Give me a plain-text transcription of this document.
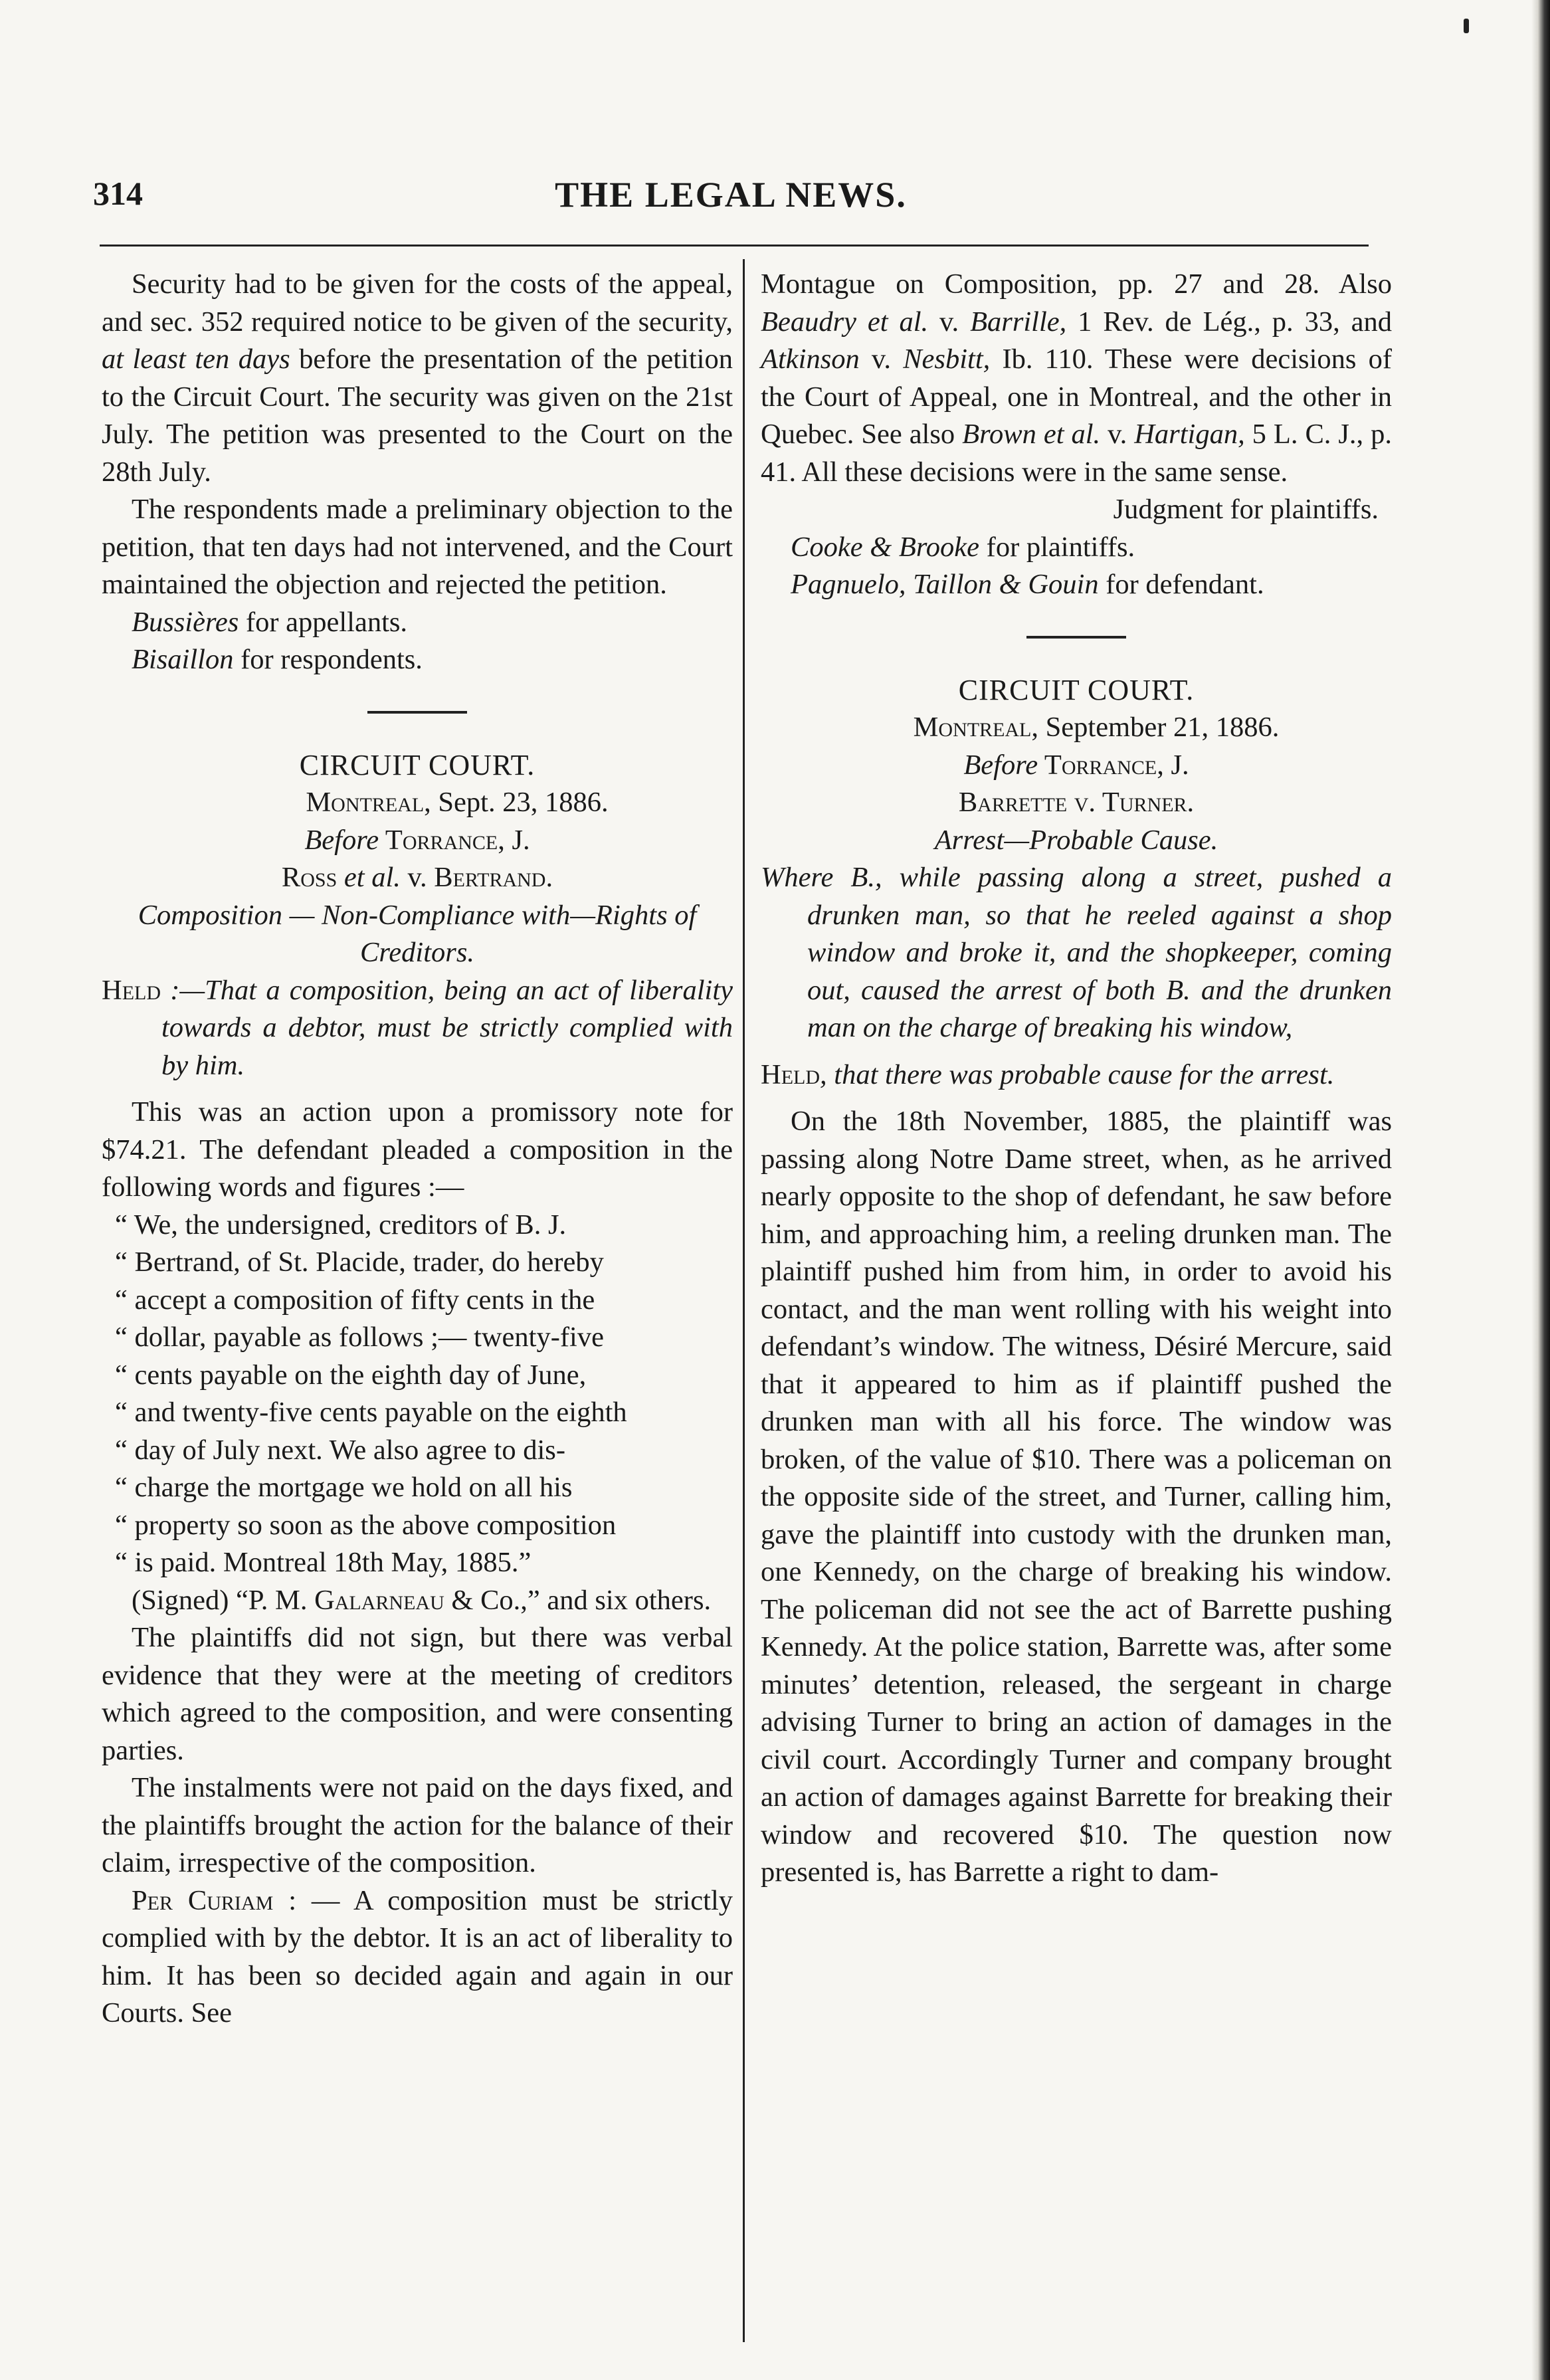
314	THE LEGAL NEWS.

Security had to be given for the costs of the appeal, and sec. 352 required notice to be given of the security, at least ten days before the presentation of the petition to the Circuit Court. The security was given on the 21st July. The petition was presented to the Court on the 28th July.

The respondents made a preliminary objection to the petition, that ten days had not intervened, and the Court maintained the objection and rejected the petition.

Bussières for appellants.

Bisaillon for respondents.

CIRCUIT COURT.

Montreal, Sept. 23, 1886.

Before Torrance, J.

Ross et al. v. Bertrand.

Composition — Non-Compliance with—Rights of Creditors.

Held :—That a composition, being an act of liberality towards a debtor, must be strictly complied with by him.

This was an action upon a promissory note for $74.21. The defendant pleaded a composition in the following words and figures :—

“ We, the undersigned, creditors of B. J.

“ Bertrand, of St. Placide, trader, do hereby

“ accept a composition of fifty cents in the

“ dollar, payable as follows ;— twenty-five

“ cents payable on the eighth day of June,

“ and twenty-five cents payable on the eighth

“ day of July next. We also agree to dis-

“ charge the mortgage we hold on all his

“ property so soon as the above composition

“ is paid. Montreal 18th May, 1885.”

(Signed) “P. M. Galarneau & Co.,” and six others.

The plaintiffs did not sign, but there was verbal evidence that they were at the meeting of creditors which agreed to the composition, and were consenting parties.

The instalments were not paid on the days fixed, and the plaintiffs brought the action for the balance of their claim, irrespective of the composition.

Per Curiam : — A composition must be strictly complied with by the debtor. It is an act of liberality to him. It has been so decided again and again in our Courts. See

Montague on Composition, pp. 27 and 28. Also Beaudry et al. v. Barrille, 1 Rev. de Lég., p. 33, and Atkinson v. Nesbitt, Ib. 110. These were decisions of the Court of Appeal, one in Montreal, and the other in Quebec. See also Brown et al. v. Hartigan, 5 L. C. J., p. 41. All these decisions were in the same sense.

Judgment for plaintiffs.

Cooke & Brooke for plaintiffs.

Pagnuelo, Taillon & Gouin for defendant.

CIRCUIT COURT.

Montreal, September 21, 1886.

Before Torrance, J.

Barrette v. Turner.

Arrest—Probable Cause.

Where B., while passing along a street, pushed a drunken man, so that he reeled against a shop window and broke it, and the shopkeeper, coming out, caused the arrest of both B. and the drunken man on the charge of breaking his window,

Held, that there was probable cause for the arrest.

On the 18th November, 1885, the plaintiff was passing along Notre Dame street, when, as he arrived nearly opposite to the shop of defendant, he saw before him, and approaching him, a reeling drunken man. The plaintiff pushed him from him, in order to avoid his contact, and the man went rolling with his weight into defendant’s window. The witness, Désiré Mercure, said that it appeared to him as if plaintiff pushed the drunken man with all his force. The window was broken, of the value of $10. There was a policeman on the opposite side of the street, and Turner, calling him, gave the plaintiff into custody with the drunken man, one Kennedy, on the charge of breaking his window. The policeman did not see the act of Barrette pushing Kennedy. At the police station, Barrette was, after some minutes’ detention, released, the sergeant in charge advising Turner to bring an action of damages in the civil court. Accordingly Turner and company brought an action of damages against Barrette for breaking their window and recovered $10. The question now presented is, has Barrette a right to dam-
